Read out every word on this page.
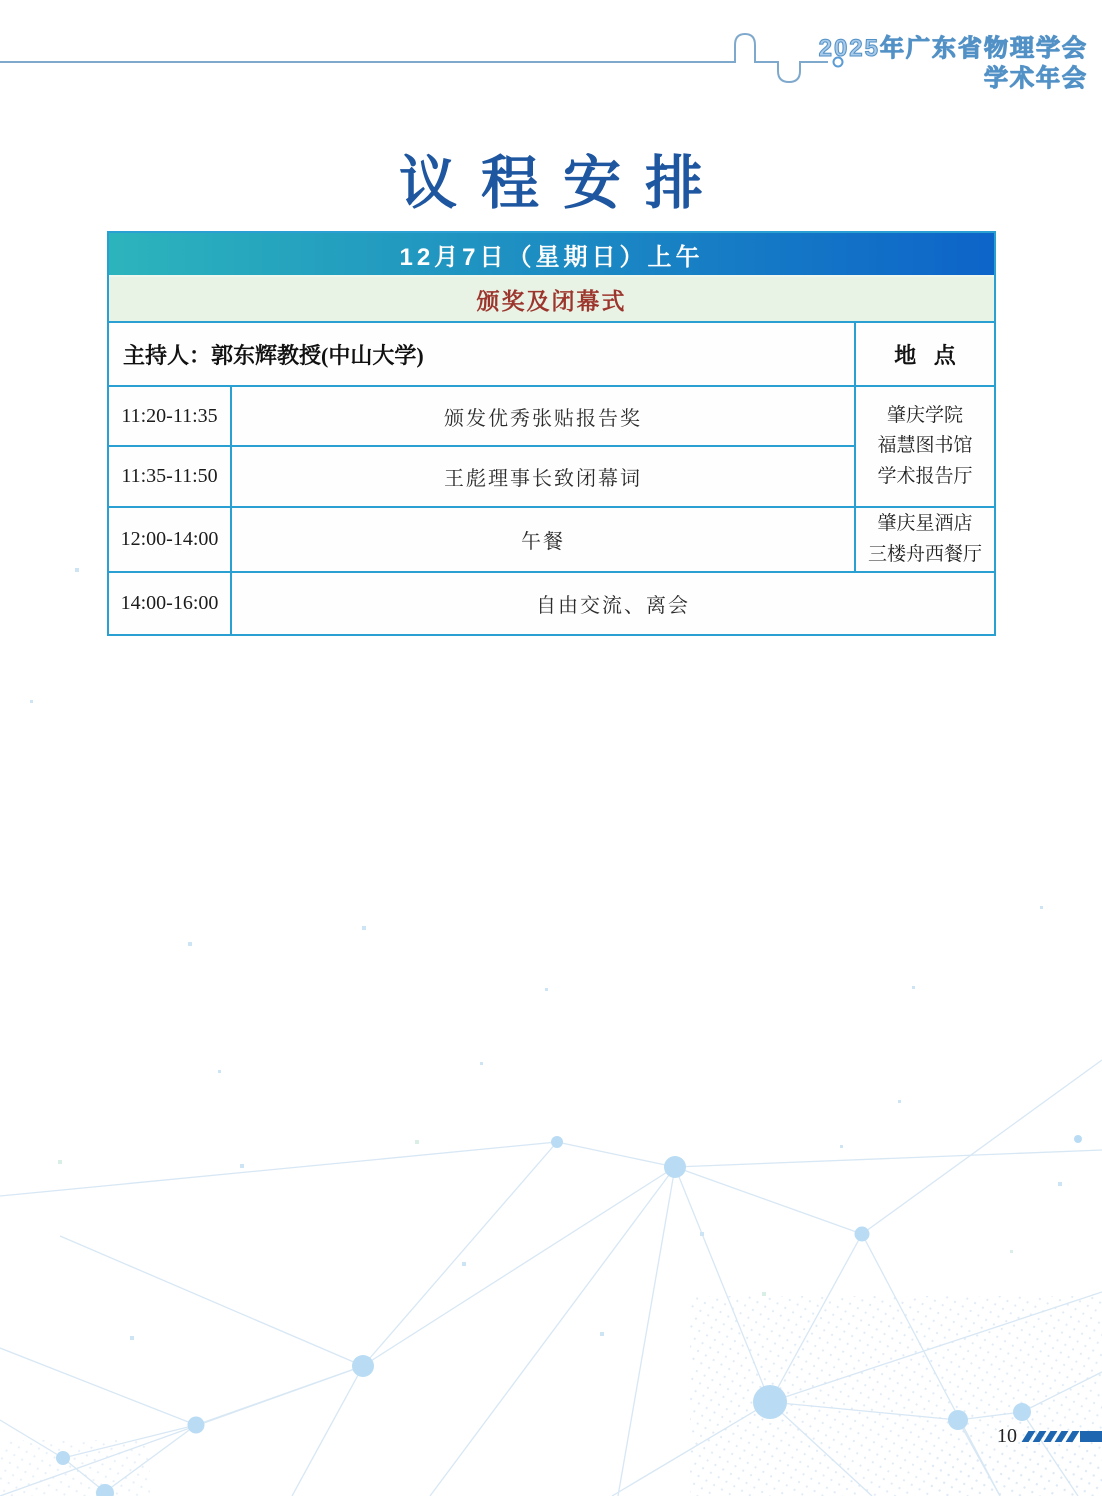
2025年广东省物理学会
学术年会
议程安排
12月7日（星期日）上午
颁奖及闭幕式
主持人：郭东辉教授(中山大学)	地 点
11:20-11:35	颁发优秀张贴报告奖	肇庆学院
福慧图书馆
学术报告厅
11:35-11:50	王彪理事长致闭幕词
12:00-14:00	午餐
肇庆星酒店
三楼舟西餐厅
14:00-16:00	自由交流、离会
10
